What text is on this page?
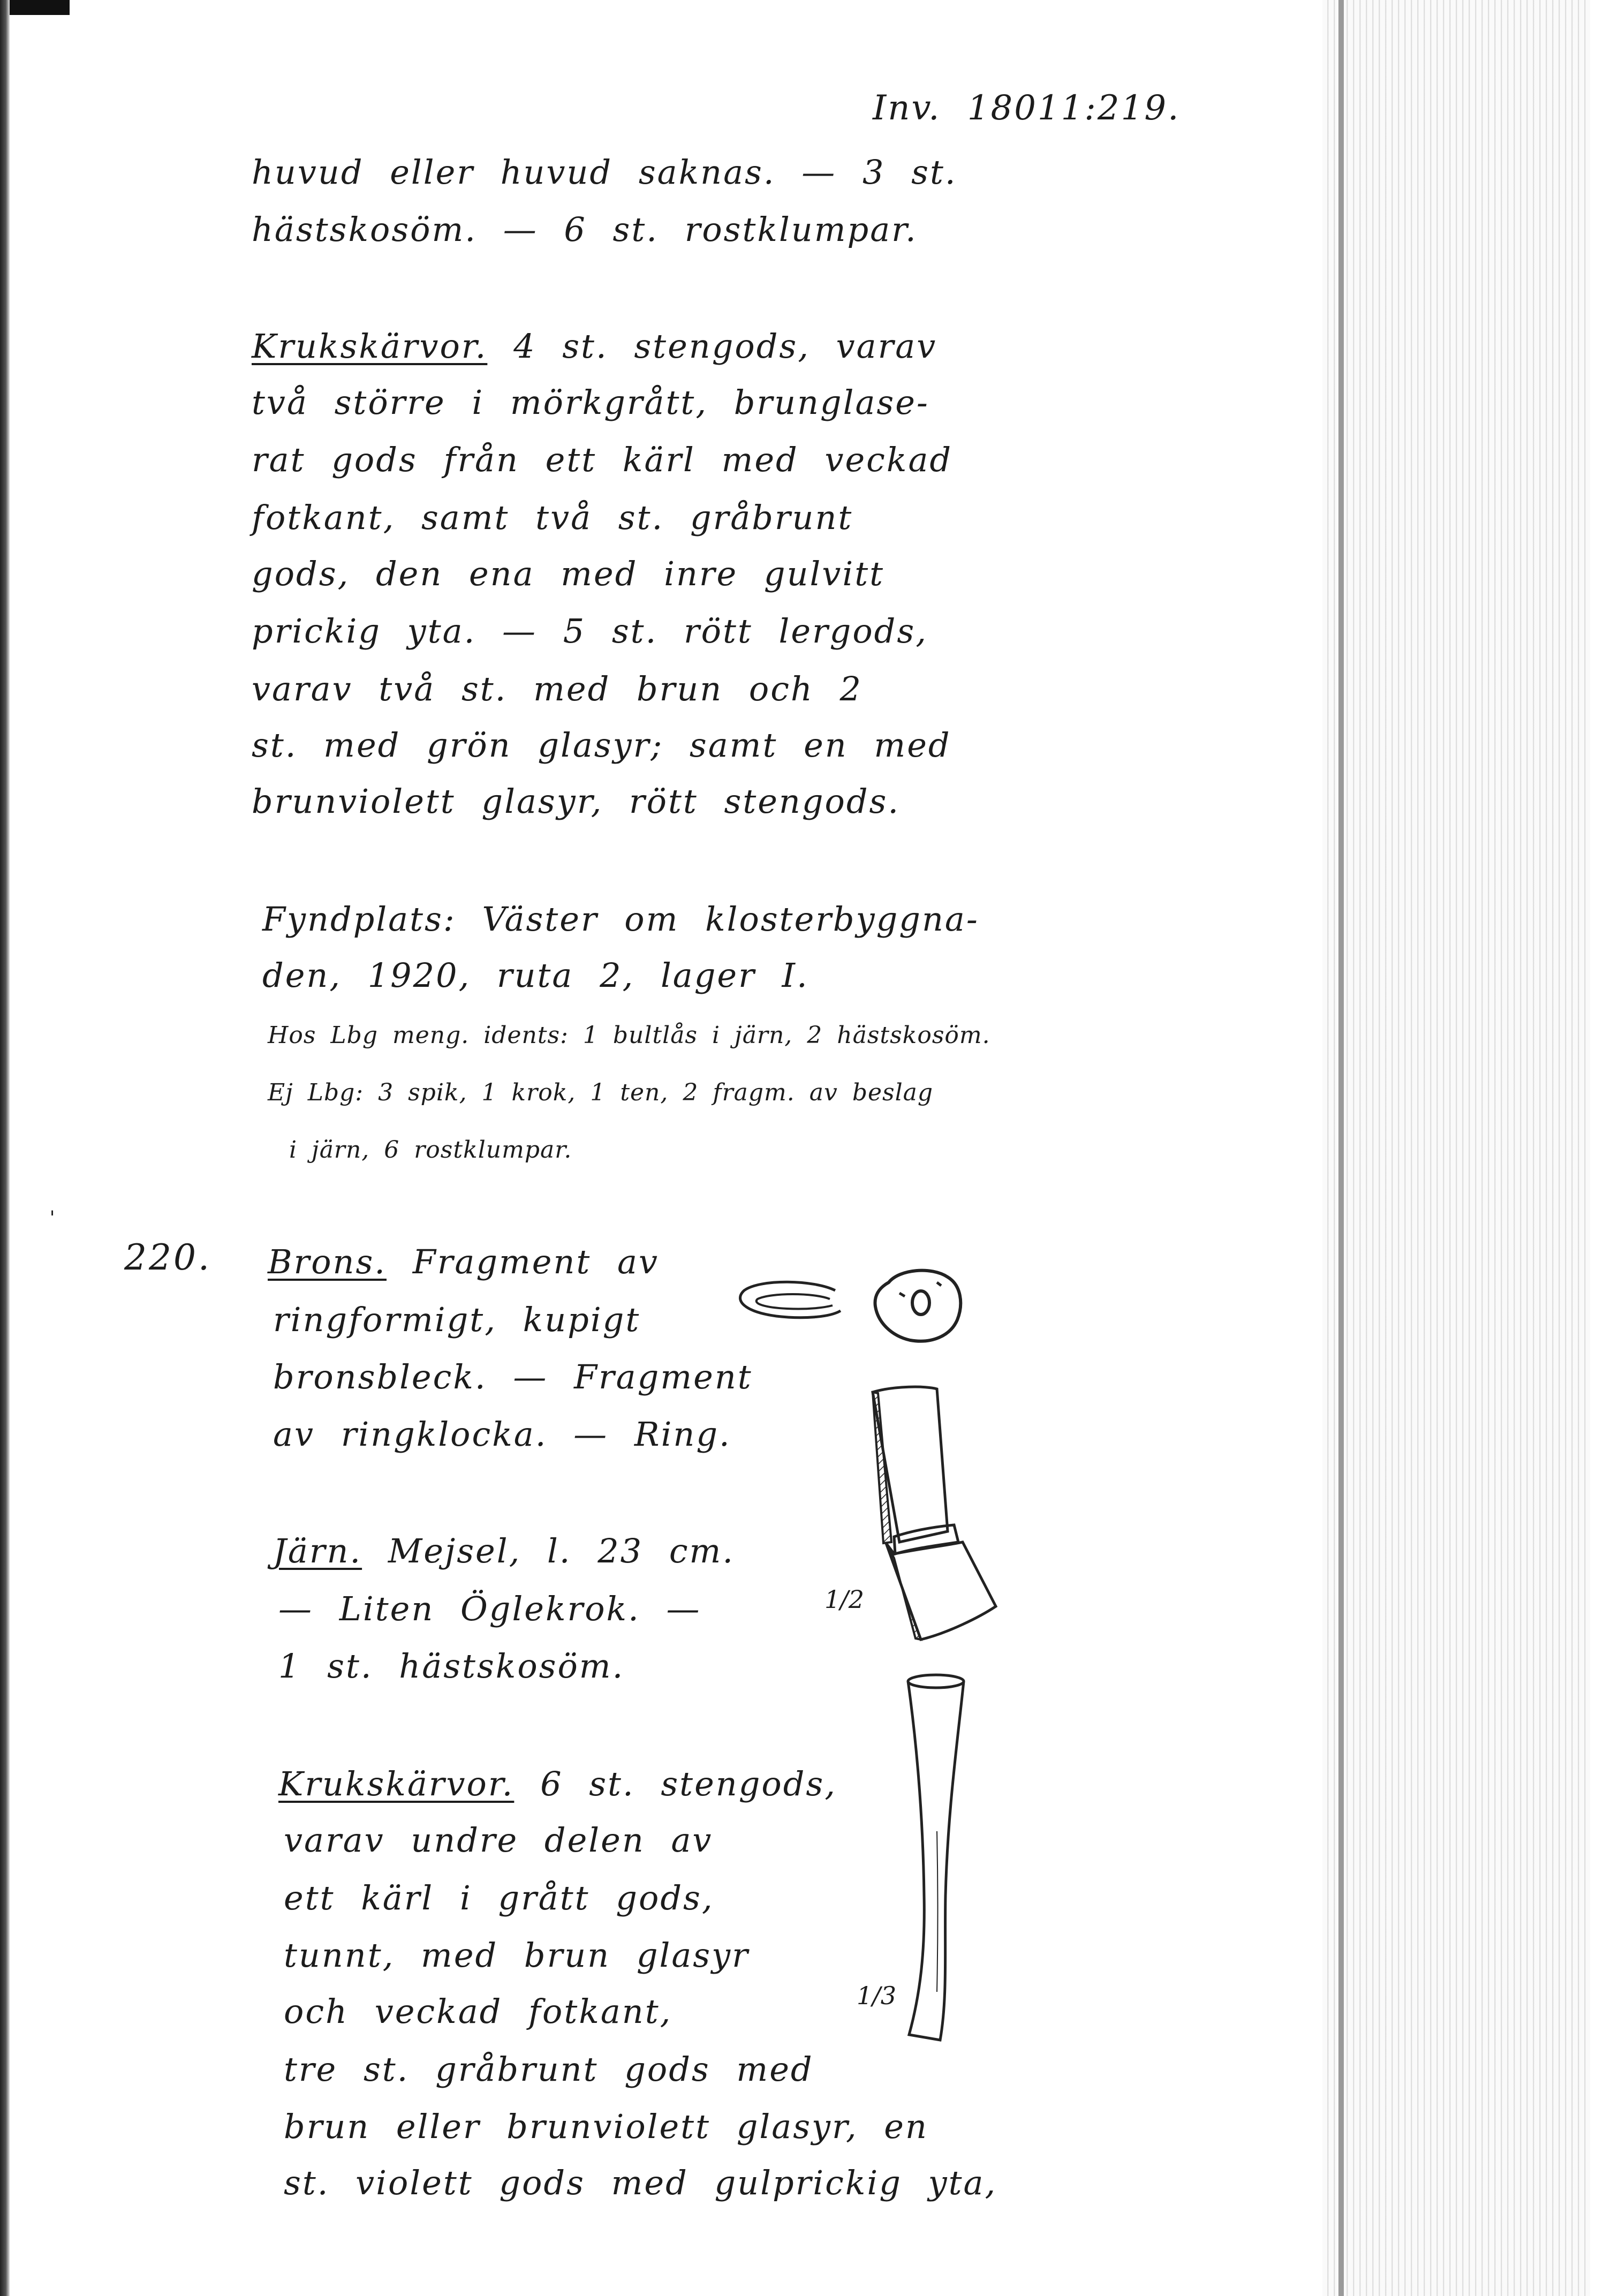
Inv. 18011:219.
huvud eller huvud saknas. — 3 st.
hästskosöm. — 6 st. rostklumpar.
Krukskärvor. 4 st. stengods, varav
två större i mörkgrått, brunglase-
rat gods från ett kärl med veckad
fotkant, samt två st. gråbrunt
gods, den ena med inre gulvitt
prickig yta. — 5 st. rött lergods,
varav två st. med brun och 2
st. med grön glasyr; samt en med
brunviolett glasyr, rött stengods.
Fyndplats: Väster om klosterbyggna-
den, 1920, ruta 2, lager I.
Hos Lbg meng. idents: 1 bultlås i järn, 2 hästskosöm.
Ej Lbg: 3 spik, 1 krok, 1 ten, 2 fragm. av beslag
i järn, 6 rostklumpar.
ˈ
220. Brons. Fragment av
ringformigt, kupigt
bronsbleck. — Fragment
av ringklocka. — Ring.
Järn. Mejsel, l. 23 cm.
— Liten Öglekrok. —
1 st. hästskosöm.
Krukskärvor. 6 st. stengods,
varav undre delen av
ett kärl i grått gods,
tunnt, med brun glasyr
och veckad fotkant,
tre st. gråbrunt gods med
brun eller brunviolett glasyr, en
st. violett gods med gulprickig yta,
1/2
1/3
